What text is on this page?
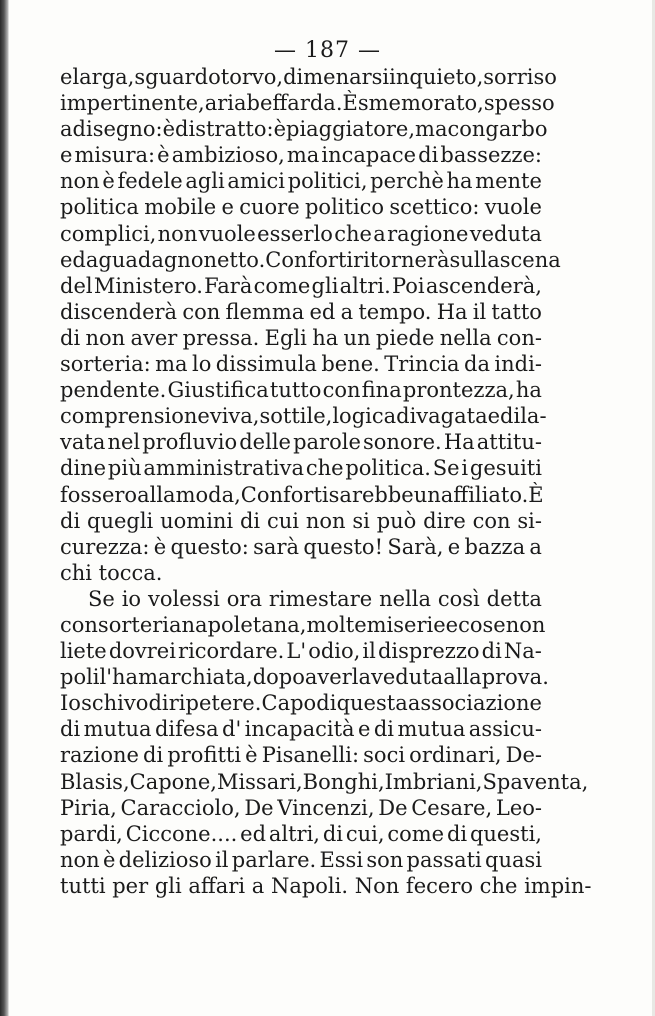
— 187 —
e larga, sguardo torvo, dimenarsi inquieto, sorriso
impertinente, aria beffarda. È smemorato, spesso
a disegno: è distratto: è piaggiatore, ma con garbo
e misura: è ambizioso, ma incapace di bassezze:
non è fedele agli amici politici, perchè ha mente
politica mobile e cuore politico scettico: vuole
complici, non vuole esserlo che a ragione veduta
ed a guadagno netto. Conforti ritornerà sulla scena
del Ministero. Farà come gli altri. Poi ascenderà,
discenderà con flemma ed a tempo. Ha il tatto
di non aver pressa. Egli ha un piede nella con-
sorteria: ma lo dissimula bene. Trincia da indi-
pendente. Giustifica tutto con fina prontezza, ha
comprensione viva, sottile, logica divagata e dila-
vata nel profluvio delle parole sonore. Ha attitu-
dine più amministrativa che politica. Se i gesuiti
fossero alla moda, Conforti sarebbe un affiliato. È
di quegli uomini di cui non si può dire con si-
curezza: è questo: sarà questo! Sarà, e bazza a
chi tocca.
Se io volessi ora rimestare nella così detta
consorteria napoletana, molte miserie e cose non
liete dovrei ricordare. L' odio, il disprezzo di Na-
poli l'ha marchiata, dopo averla veduta alla prova.
Io schivo di ripetere. Capo di questa associazione
di mutua difesa d' incapacità e di mutua assicu-
razione di profitti è Pisanelli: soci ordinari, De-
Blasis, Capone, Missari, Bonghi, Imbriani, Spaventa,
Piria, Caracciolo, De Vincenzi, De Cesare, Leo-
pardi, Ciccone.... ed altri, di cui, come di questi,
non è delizioso il parlare. Essi son passati quasi
tutti per gli affari a Napoli. Non fecero che impin-
